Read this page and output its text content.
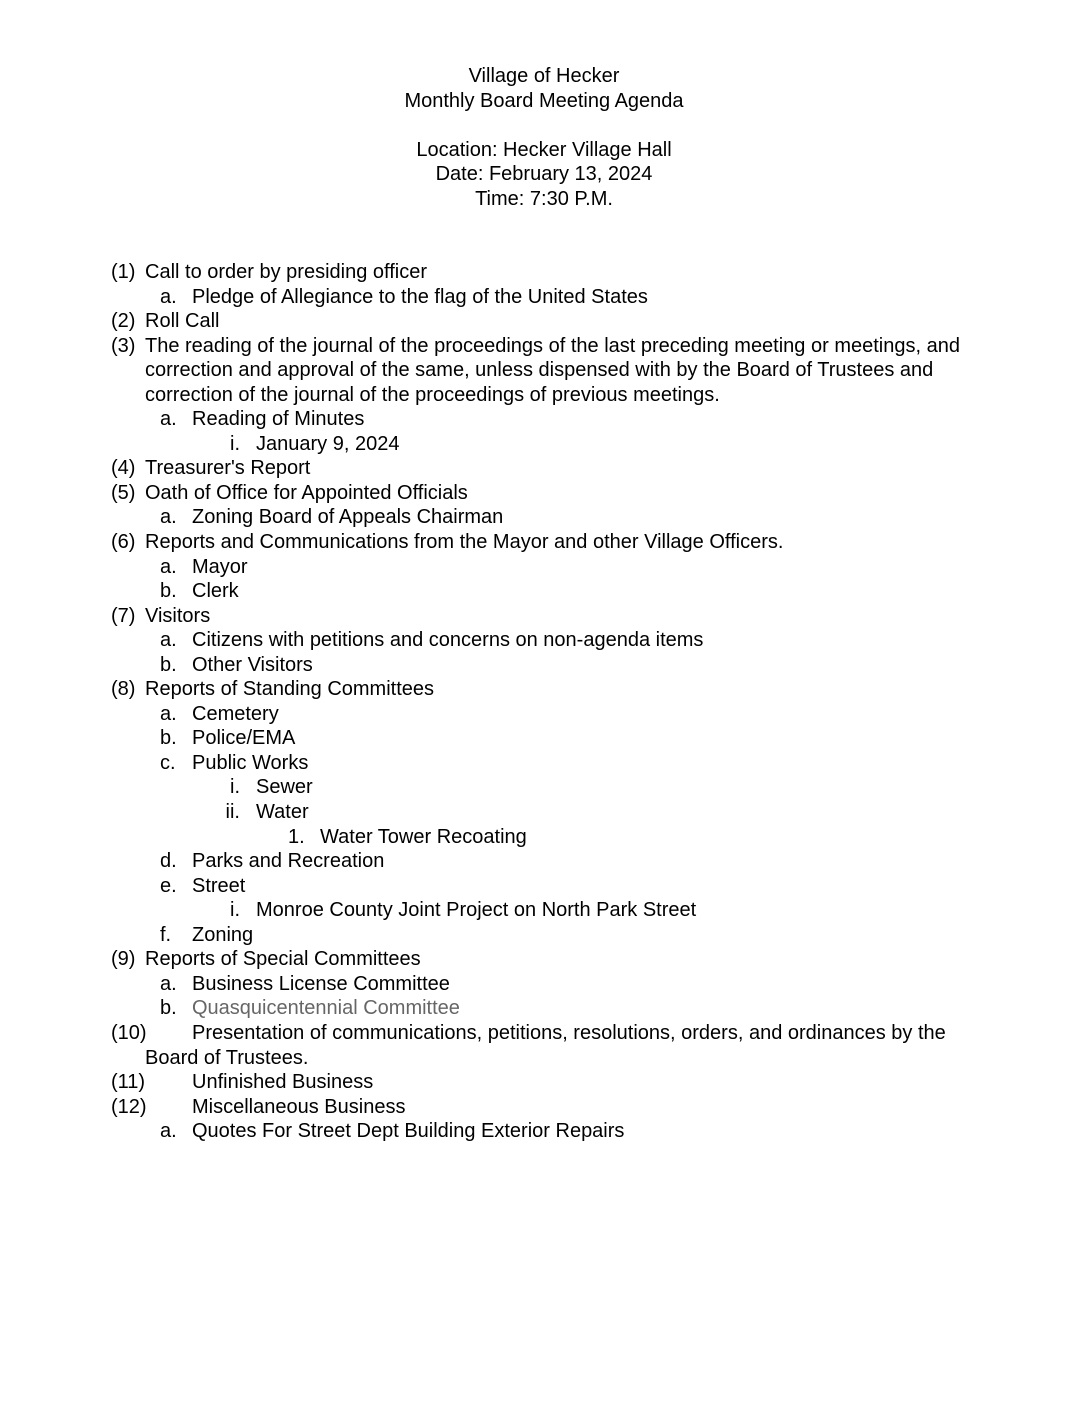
Village of Hecker
Monthly Board Meeting Agenda
Location: Hecker Village Hall
Date: February 13, 2024
Time: 7:30 P.M.
(1) Call to order by presiding officer
a. Pledge of Allegiance to the flag of the United States
(2) Roll Call
(3) The reading of the journal of the proceedings of the last preceding meeting or meetings, and
correction and approval of the same, unless dispensed with by the Board of Trustees and
correction of the journal of the proceedings of previous meetings.
a. Reading of Minutes
i. January 9, 2024
(4) Treasurer's Report
(5) Oath of Office for Appointed Officials
a. Zoning Board of Appeals Chairman
(6) Reports and Communications from the Mayor and other Village Officers.
a. Mayor
b. Clerk
(7) Visitors
a. Citizens with petitions and concerns on non-agenda items
b. Other Visitors
(8) Reports of Standing Committees
a. Cemetery
b. Police/EMA
c. Public Works
i. Sewer
ii. Water
1. Water Tower Recoating
d. Parks and Recreation
e. Street
i. Monroe County Joint Project on North Park Street
f. Zoning
(9) Reports of Special Committees
a. Business License Committee
b. Quasquicentennial Committee
(10) Presentation of communications, petitions, resolutions, orders, and ordinances by the
Board of Trustees.
(11) Unfinished Business
(12) Miscellaneous Business
a. Quotes For Street Dept Building Exterior Repairs
